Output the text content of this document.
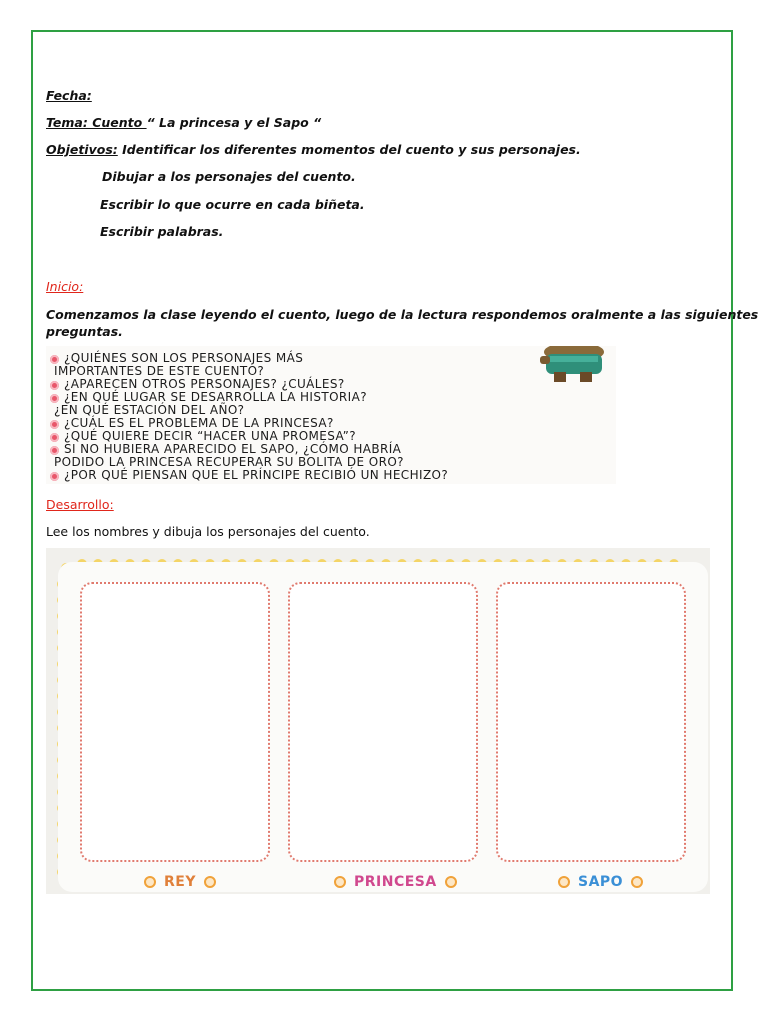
Fecha:
Tema: Cuento “ La princesa y el Sapo “
Objetivos: Identificar los diferentes momentos del cuento y sus personajes.
Dibujar a los personajes del cuento.
Escribir lo que ocurre en cada biñeta.
Escribir palabras.
Inicio:
Comenzamos la clase leyendo el cuento, luego de la lectura respondemos oralmente a las siguientes
preguntas.
¿QUIÉNES SON LOS PERSONAJES MÁS
IMPORTANTES DE ESTE CUENTO?
¿APARECEN OTROS PERSONAJES? ¿CUÁLES?
¿EN QUÉ LUGAR SE DESARROLLA LA HISTORIA?
¿EN QUÉ ESTACIÓN DEL AÑO?
¿CUÁL ES EL PROBLEMA DE LA PRINCESA?
¿QUÉ QUIERE DECIR “HACER UNA PROMESA”?
SI NO HUBIERA APARECIDO EL SAPO, ¿CÓMO HABRÍA
PODIDO LA PRINCESA RECUPERAR SU BOLITA DE ORO?
¿POR QUÉ PIENSAN QUE EL PRÍNCIPE RECIBIÓ UN HECHIZO?
Desarrollo:
Lee los nombres y dibuja los personajes del cuento.
REY	PRINCESA	SAPO
